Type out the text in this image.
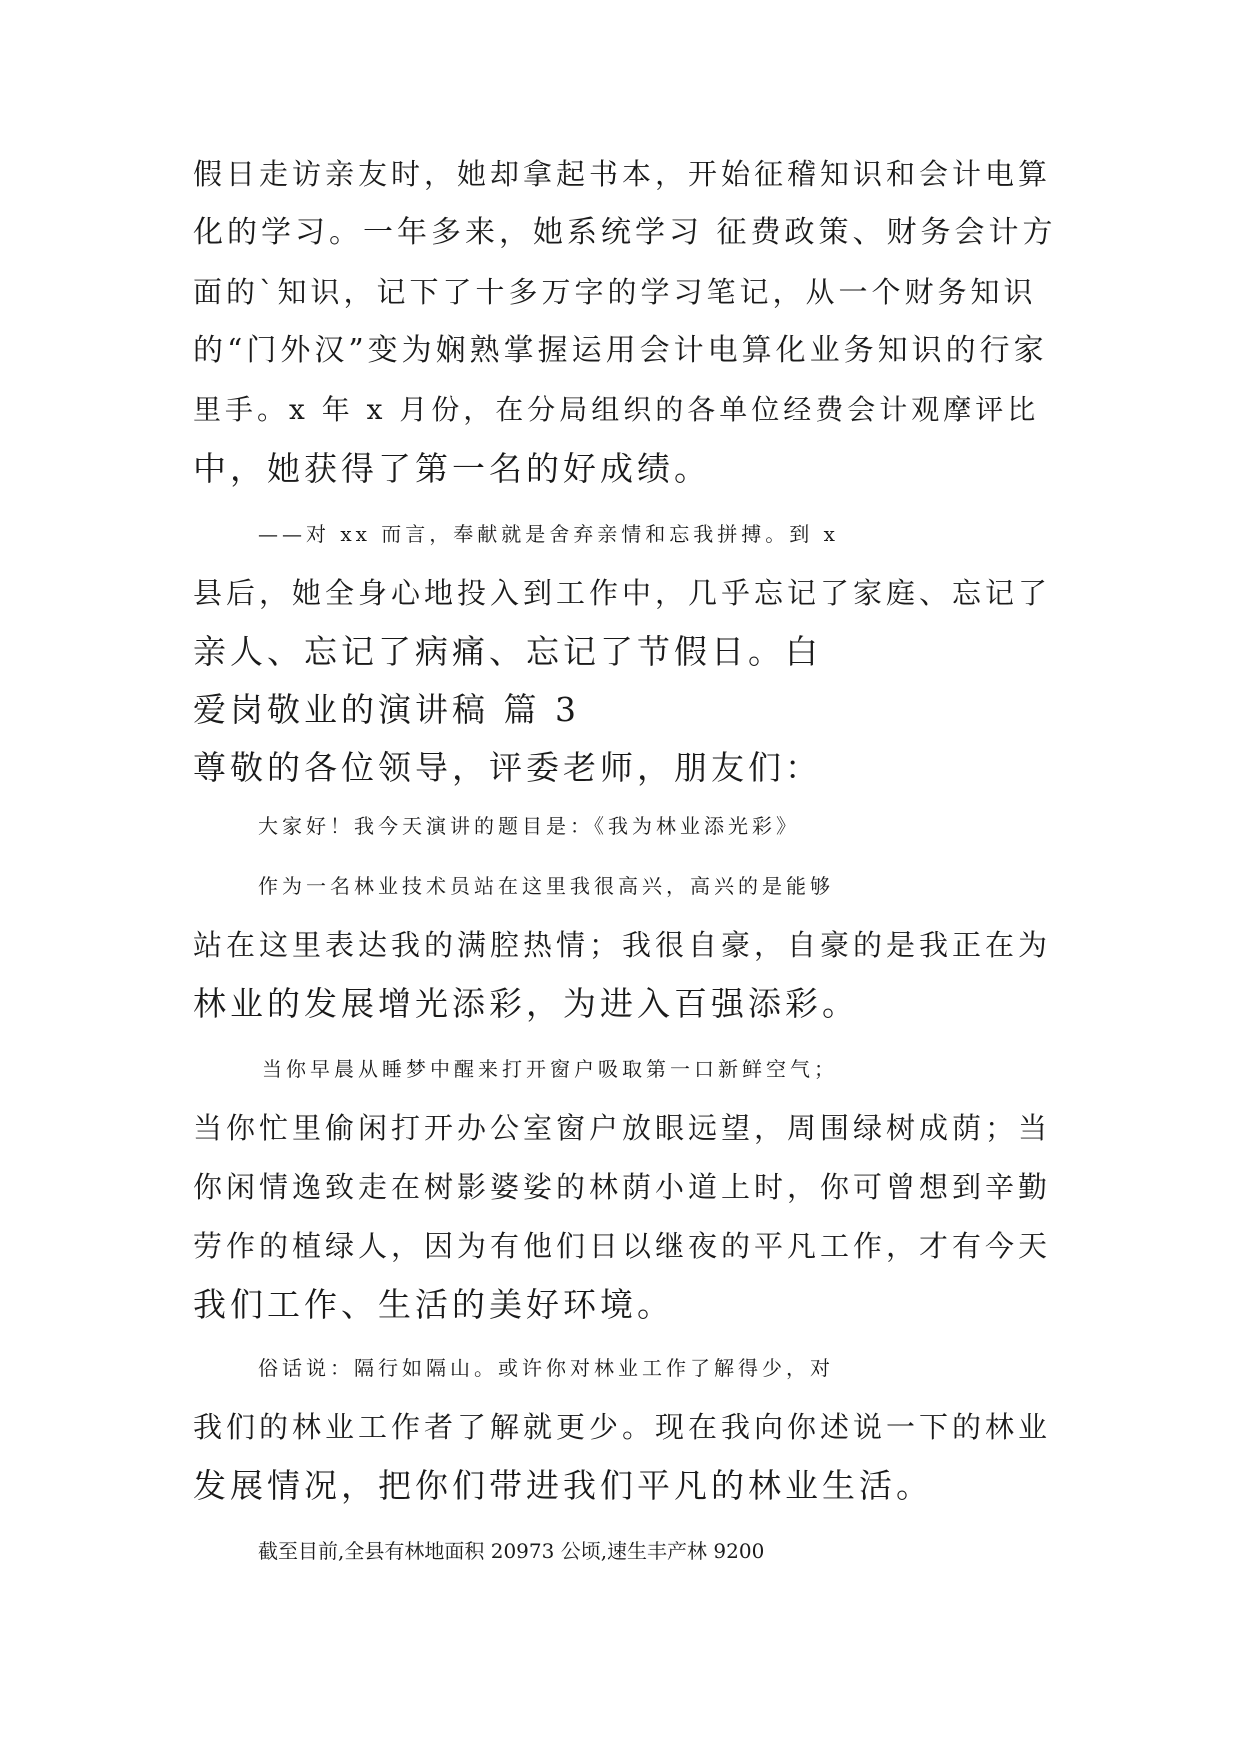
假日走访亲友时，她却拿起书本，开始征稽知识和会计电算
化的学习。一年多来，她系统学习 征费政策、财务会计方
面的`知识，记下了十多万字的学习笔记，从一个财务知识
的“门外汉”变为娴熟掌握运用会计电算化业务知识的行家
里手。x 年 x 月份，在分局组织的各单位经费会计观摩评比
中，她获得了第一名的好成绩。
——对 xx 而言，奉献就是舍弃亲情和忘我拼搏。到 x
县后，她全身心地投入到工作中，几乎忘记了家庭、忘记了
亲人、忘记了病痛、忘记了节假日。白
爱岗敬业的演讲稿 篇 3
尊敬的各位领导，评委老师，朋友们：
大家好！我今天演讲的题目是：《我为林业添光彩》
作为一名林业技术员站在这里我很高兴，高兴的是能够
站在这里表达我的满腔热情；我很自豪，自豪的是我正在为
林业的发展增光添彩，为进入百强添彩。
当你早晨从睡梦中醒来打开窗户吸取第一口新鲜空气；
当你忙里偷闲打开办公室窗户放眼远望，周围绿树成荫；当
你闲情逸致走在树影婆娑的林荫小道上时，你可曾想到辛勤
劳作的植绿人，因为有他们日以继夜的平凡工作，才有今天
我们工作、生活的美好环境。
俗话说：隔行如隔山。或许你对林业工作了解得少，对
我们的林业工作者了解就更少。现在我向你述说一下的林业
发展情况，把你们带进我们平凡的林业生活。
截至目前,全县有林地面积 20973 公顷,速生丰产林 9200
